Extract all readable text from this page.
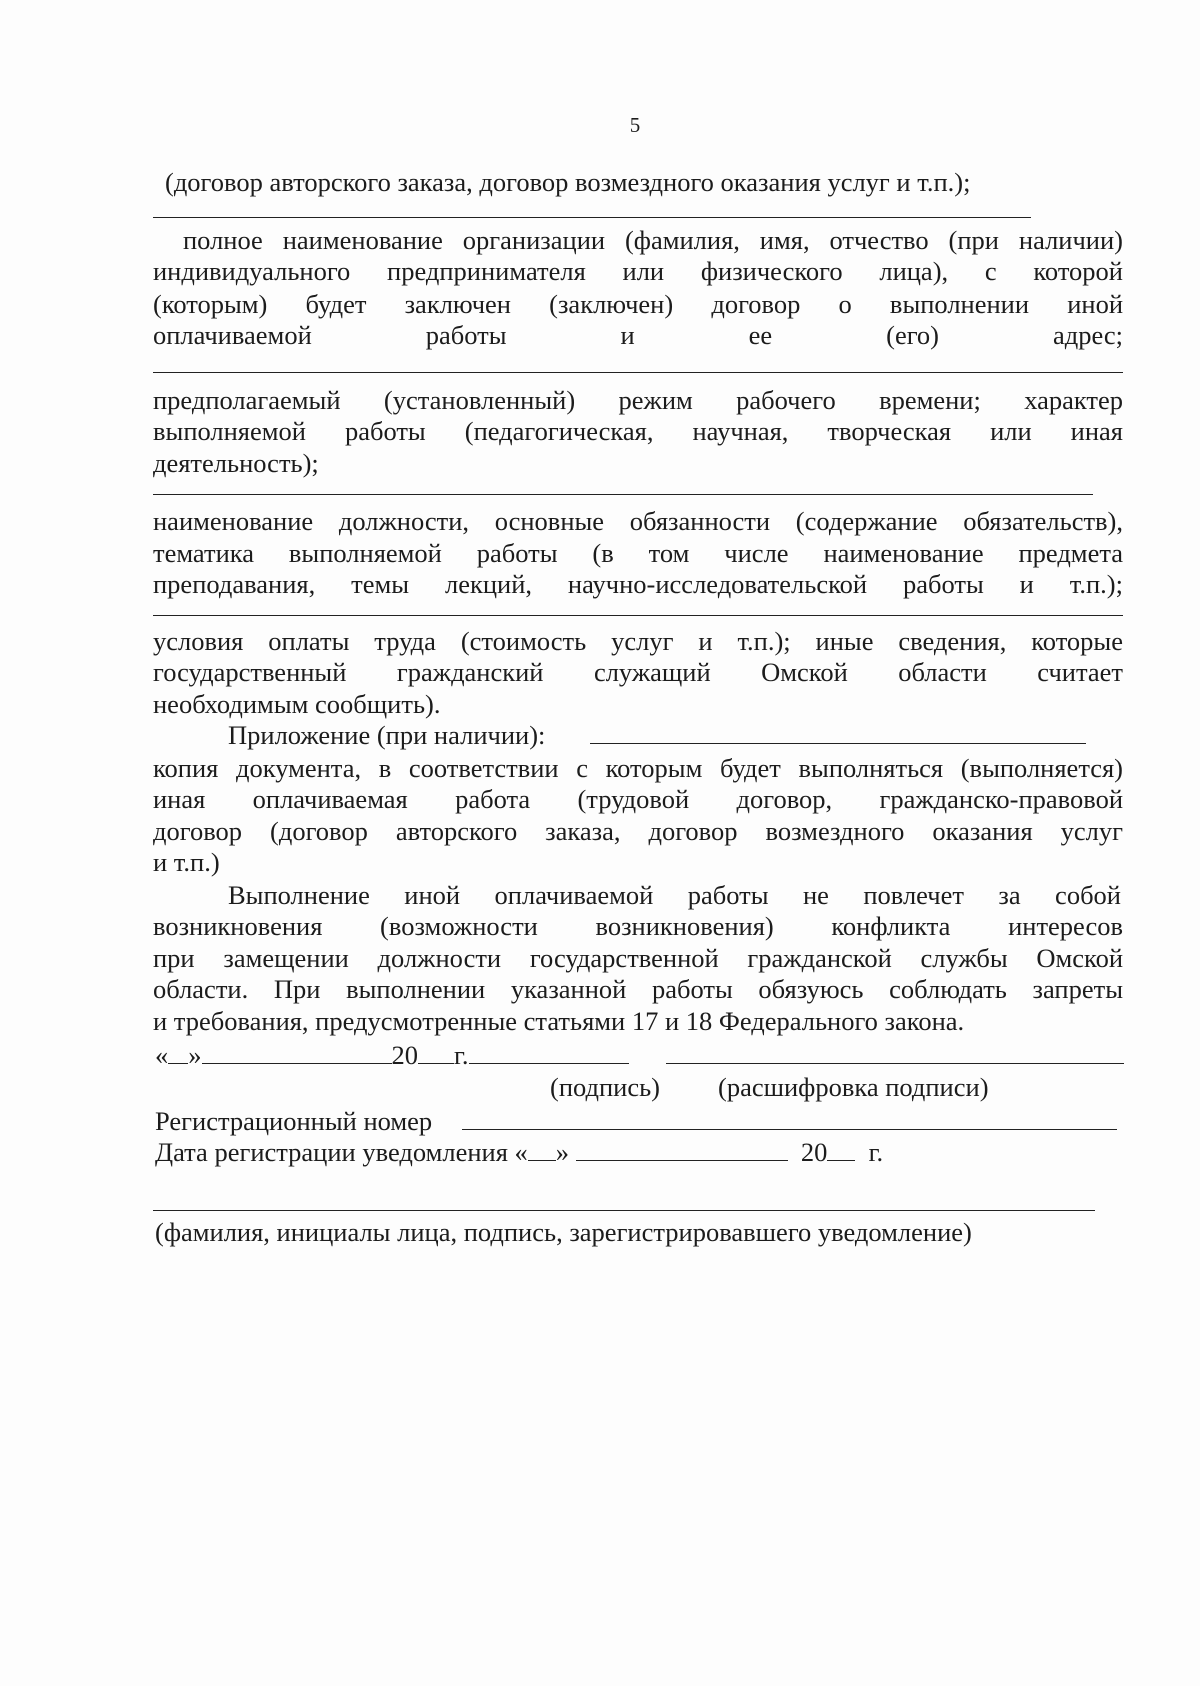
5
(договор авторского заказа, договор возмездного оказания услуг и т.п.);
полное наименование организации (фамилия, имя, отчество (при наличии)
индивидуального предпринимателя или физического лица), с которой
(которым) будет заключен (заключен) договор о выполнении иной
оплачиваемой работы и ее (его) адрес;
предполагаемый (установленный) режим рабочего времени; характер
выполняемой работы (педагогическая, научная, творческая или иная
деятельность);
наименование должности, основные обязанности (содержание обязательств),
тематика выполняемой работы (в том числе наименование предмета
преподавания, темы лекций, научно-исследовательской работы и т.п.);
условия оплаты труда (стоимость услуг и т.п.); иные сведения, которые
государственный гражданский служащий Омской области считает
необходимым сообщить).
Приложение (при наличии):
копия документа, в соответствии с которым будет выполняться (выполняется)
иная оплачиваемая работа (трудовой договор, гражданско-правовой
договор (договор авторского заказа, договор возмездного оказания услуг
и т.п.)
Выполнение иной оплачиваемой работы не повлечет за собой
возникновения (возможности возникновения) конфликта интересов
при замещении должности государственной гражданской службы Омской
области. При выполнении указанной работы обязуюсь соблюдать запреты
и требования, предусмотренные статьями 17 и 18 Федерального закона.
« »	20 г.
(подпись) (расшифровка подписи)
Регистрационный номер
Дата регистрации уведомления « »	20 г.
(фамилия, инициалы лица, подпись, зарегистрировавшего уведомление)
